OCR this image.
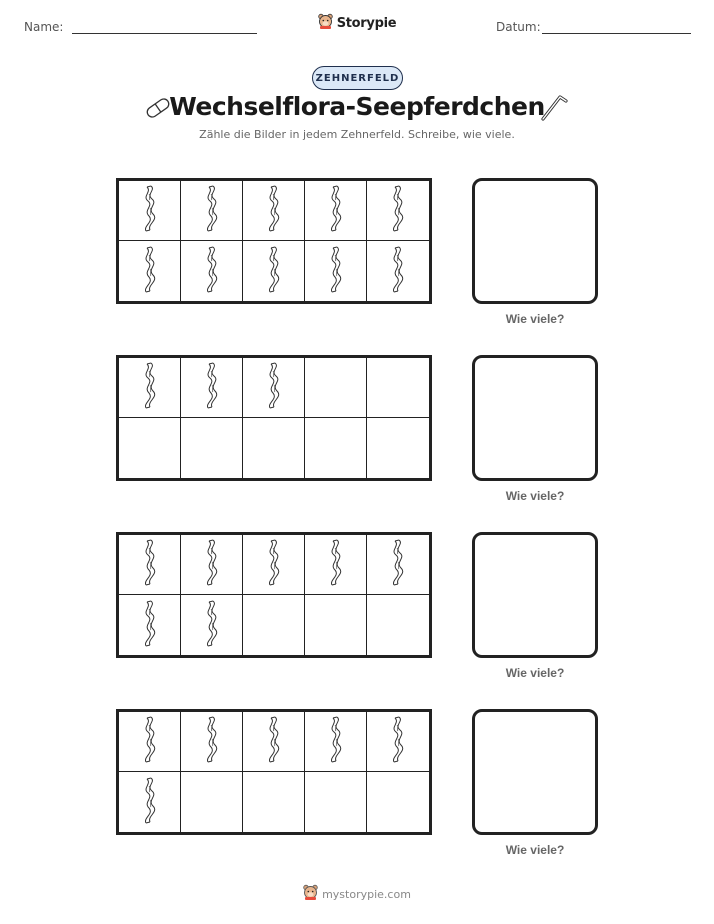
Name:	Storypie	Datum:
ZEHNERFELD
Wechselflora-Seepferdchen
Zähle die Bilder in jedem Zehnerfeld. Schreibe, wie viele.
Wie viele?
Wie viele?
Wie viele?
Wie viele?
mystorypie.com
